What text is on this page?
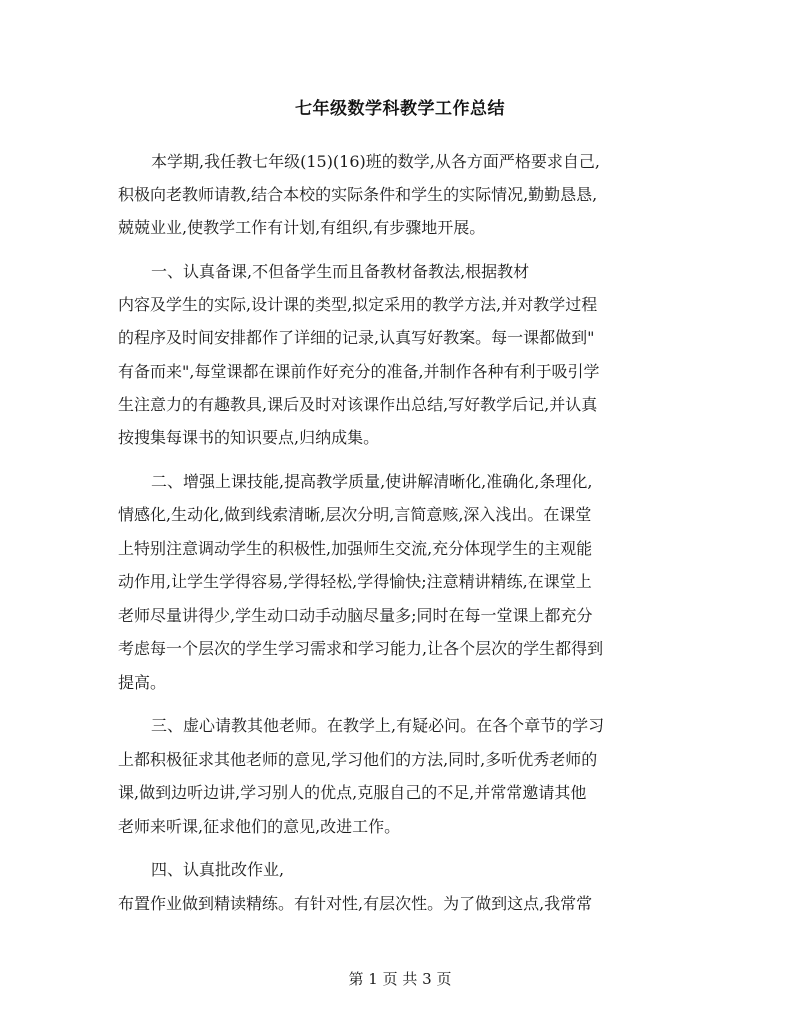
七年级数学科教学工作总结
本学期,我任教七年级(15)(16)班的数学,从各方面严格要求自己,
积极向老教师请教,结合本校的实际条件和学生的实际情况,勤勤恳恳,
兢兢业业,使教学工作有计划,有组织,有步骤地开展。
一、认真备课,不但备学生而且备教材备教法,根据教材
内容及学生的实际,设计课的类型,拟定采用的教学方法,并对教学过程
的程序及时间安排都作了详细的记录,认真写好教案。每一课都做到"
有备而来",每堂课都在课前作好充分的准备,并制作各种有利于吸引学
生注意力的有趣教具,课后及时对该课作出总结,写好教学后记,并认真
按搜集每课书的知识要点,归纳成集。
二、增强上课技能,提高教学质量,使讲解清晰化,准确化,条理化,
情感化,生动化,做到线索清晰,层次分明,言简意赅,深入浅出。在课堂
上特别注意调动学生的积极性,加强师生交流,充分体现学生的主观能
动作用,让学生学得容易,学得轻松,学得愉快;注意精讲精练,在课堂上
老师尽量讲得少,学生动口动手动脑尽量多;同时在每一堂课上都充分
考虑每一个层次的学生学习需求和学习能力,让各个层次的学生都得到
提高。
三、虚心请教其他老师。在教学上,有疑必问。在各个章节的学习
上都积极征求其他老师的意见,学习他们的方法,同时,多听优秀老师的
课,做到边听边讲,学习别人的优点,克服自己的不足,并常常邀请其他
老师来听课,征求他们的意见,改进工作。
四、认真批改作业,
布置作业做到精读精练。有针对性,有层次性。为了做到这点,我常常
第 1 页 共 3 页
